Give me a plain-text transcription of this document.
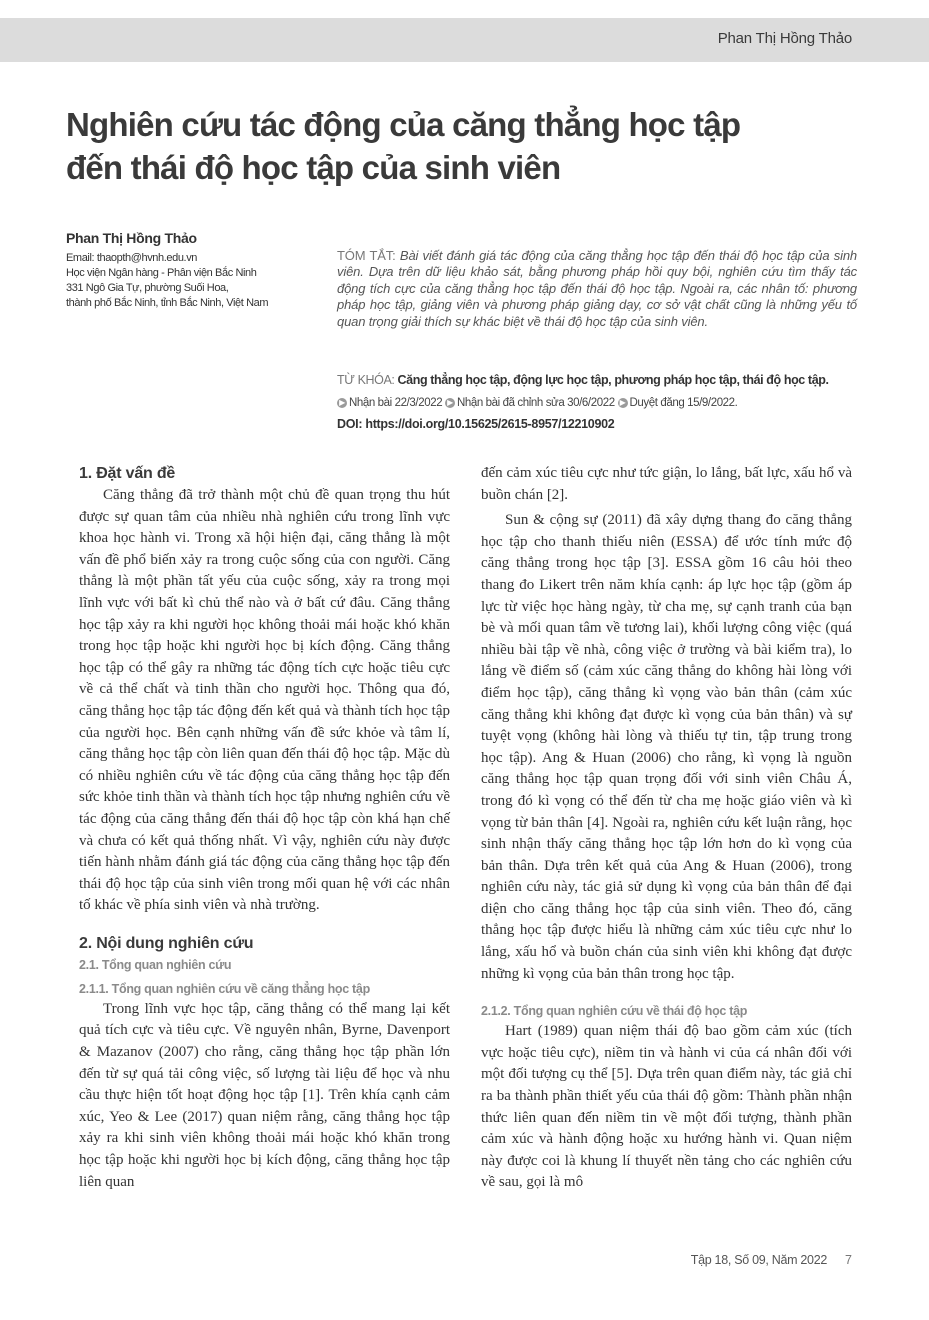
Phan Thị Hồng Thảo
Nghiên cứu tác động của căng thẳng học tập
đến thái độ học tập của sinh viên
Phan Thị Hồng Thảo
Email: thaopth@hvnh.edu.vn
Học viện Ngân hàng - Phân viện Bắc Ninh
331 Ngô Gia Tự, phường Suối Hoa,
thành phố Bắc Ninh, tỉnh Bắc Ninh, Việt Nam
TÓM TẮT: Bài viết đánh giá tác động của căng thẳng học tập đến thái độ học tập của sinh viên. Dựa trên dữ liệu khảo sát, bằng phương pháp hồi quy bội, nghiên cứu tìm thấy tác động tích cực của căng thẳng học tập đến thái độ học tập. Ngoài ra, các nhân tố: phương pháp học tập, giảng viên và phương pháp giảng dạy, cơ sở vật chất cũng là những yếu tố quan trọng giải thích sự khác biệt về thái độ học tập của sinh viên.
TỪ KHÓA: Căng thẳng học tập, động lực học tập, phương pháp học tập, thái độ học tập.
▶ Nhận bài 22/3/2022 ▶ Nhận bài đã chỉnh sửa 30/6/2022 ▶ Duyệt đăng 15/9/2022.
DOI: https://doi.org/10.15625/2615-8957/12210902
1. Đặt vấn đề

Căng thẳng đã trở thành một chủ đề quan trọng thu hút được sự quan tâm của nhiều nhà nghiên cứu trong lĩnh vực khoa học hành vi. Trong xã hội hiện đại, căng thẳng là một vấn đề phổ biến xảy ra trong cuộc sống của con người. Căng thẳng là một phần tất yếu của cuộc sống, xảy ra trong mọi lĩnh vực với bất kì chủ thể nào và ở bất cứ đâu. Căng thẳng học tập xảy ra khi người học không thoải mái hoặc khó khăn trong học tập hoặc khi người học bị kích động. Căng thẳng học tập có thể gây ra những tác động tích cực hoặc tiêu cực về cả thể chất và tinh thần cho người học. Thông qua đó, căng thẳng học tập tác động đến kết quả và thành tích học tập của người học. Bên cạnh những vấn đề sức khỏe và tâm lí, căng thẳng học tập còn liên quan đến thái độ học tập. Mặc dù có nhiều nghiên cứu về tác động của căng thẳng học tập đến sức khỏe tinh thần và thành tích học tập nhưng nghiên cứu về tác động của căng thẳng đến thái độ học tập còn khá hạn chế và chưa có kết quả thống nhất. Vì vậy, nghiên cứu này được tiến hành nhằm đánh giá tác động của căng thẳng học tập đến thái độ học tập của sinh viên trong mối quan hệ với các nhân tố khác về phía sinh viên và nhà trường.

2. Nội dung nghiên cứu
2.1. Tổng quan nghiên cứu
2.1.1. Tổng quan nghiên cứu về căng thẳng học tập

Trong lĩnh vực học tập, căng thẳng có thể mang lại kết quả tích cực và tiêu cực. Về nguyên nhân, Byrne, Davenport & Mazanov (2007) cho rằng, căng thẳng học tập phần lớn đến từ sự quá tải công việc, số lượng tài liệu để học và nhu cầu thực hiện tốt hoạt động học tập [1]. Trên khía cạnh cảm xúc, Yeo & Lee (2017) quan niệm rằng, căng thẳng học tập xảy ra khi sinh viên không thoải mái hoặc khó khăn trong học tập hoặc khi người học bị kích động, căng thẳng học tập liên quan

đến cảm xúc tiêu cực như tức giận, lo lắng, bất lực, xấu hổ và buồn chán [2].

Sun & cộng sự (2011) đã xây dựng thang đo căng thẳng học tập cho thanh thiếu niên (ESSA) để ước tính mức độ căng thẳng trong học tập [3]. ESSA gồm 16 câu hỏi theo thang đo Likert trên năm khía cạnh: áp lực học tập (gồm áp lực từ việc học hàng ngày, từ cha mẹ, sự cạnh tranh của bạn bè và mối quan tâm về tương lai), khối lượng công việc (quá nhiều bài tập về nhà, công việc ở trường và bài kiểm tra), lo lắng về điểm số (cảm xúc căng thẳng do không hài lòng với điểm học tập), căng thẳng kì vọng vào bản thân (cảm xúc căng thẳng khi không đạt được kì vọng của bản thân) và sự tuyệt vọng (không hài lòng và thiếu tự tin, tập trung trong học tập). Ang & Huan (2006) cho rằng, kì vọng là nguồn căng thẳng học tập quan trọng đối với sinh viên Châu Á, trong đó kì vọng có thể đến từ cha mẹ hoặc giáo viên và kì vọng từ bản thân [4]. Ngoài ra, nghiên cứu kết luận rằng, học sinh nhận thấy căng thẳng học tập lớn hơn do kì vọng của bản thân. Dựa trên kết quả của Ang & Huan (2006), trong nghiên cứu này, tác giả sử dụng kì vọng của bản thân để đại diện cho căng thẳng học tập của sinh viên. Theo đó, căng thẳng học tập được hiểu là những cảm xúc tiêu cực như lo lắng, xấu hổ và buồn chán của sinh viên khi không đạt được những kì vọng của bản thân trong học tập.

2.1.2. Tổng quan nghiên cứu về thái độ học tập

Hart (1989) quan niệm thái độ bao gồm cảm xúc (tích vực hoặc tiêu cực), niềm tin và hành vi của cá nhân đối với một đối tượng cụ thể [5]. Dựa trên quan điểm này, tác giả chỉ ra ba thành phần thiết yếu của thái độ gồm: Thành phần nhận thức liên quan đến niềm tin về một đối tượng, thành phần cảm xúc và hành động hoặc xu hướng hành vi. Quan niệm này được coi là khung lí thuyết nền tảng cho các nghiên cứu về sau, gọi là mô

Tập 18, Số 09, Năm 2022 7
